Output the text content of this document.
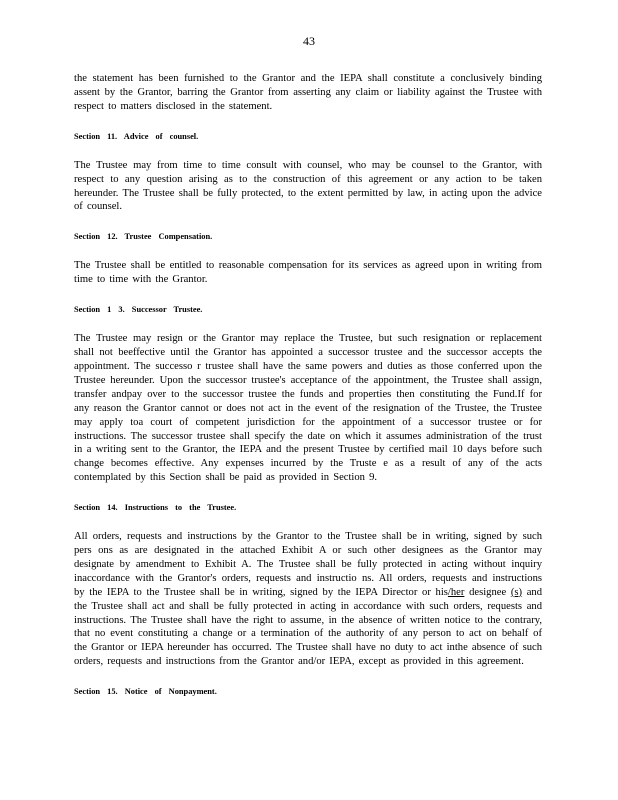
43

the statement has been furnished to the Grantor and the IEPA shall constitute a conclusively binding assent by the Grantor, barring the Grantor from asserting any claim or liability against the Trustee with respect to matters disclosed in the statement.

Section 11. Advice of counsel.

The Trustee may from time to time consult with counsel, who may be counsel to the Grantor, with respect to any question arising as to the construction of this agreement or any action to be taken hereunder. The Trustee shall be fully protected, to the extent permitted by law, in acting upon the advice of counsel.

Section 12. Trustee Compensation.

The Trustee shall be entitled to reasonable compensation for its services as agreed upon in writing from time to time with the Grantor.

Section 1 3. Successor Trustee.

The Trustee may resign or the Grantor may replace the Trustee, but such resignation or replacement shall not beeffective until the Grantor has appointed a successor trustee and the successor accepts the appointment. The successo r trustee shall have the same powers and duties as those conferred upon the Trustee hereunder. Upon the successor trustee's acceptance of the appointment, the Trustee shall assign, transfer andpay over to the successor trustee the funds and properties then constituting the Fund.If for any reason the Grantor cannot or does not act in the event of the resignation of the Trustee, the Trustee may apply toa court of competent jurisdiction for the appointment of a successor trustee or for instructions. The successor trustee shall specify the date on which it assumes administration of the trust in a writing sent to the Grantor, the IEPA and the present Trustee by certified mail 10 days before such change becomes effective. Any expenses incurred by the Truste e as a result of any of the acts contemplated by this Section shall be paid as provided in Section 9.

Section 14. Instructions to the Trustee.

All orders, requests and instructions by the Grantor to the Trustee shall be in writing, signed by such pers ons as are designated in the attached Exhibit A or such other designees as the Grantor may designate by amendment to Exhibit A. The Trustee shall be fully protected in acting without inquiry inaccordance with the Grantor's orders, requests and instructio ns. All orders, requests and instructions by the IEPA to the Trustee shall be in writing, signed by the IEPA Director or his/her designee (s) and the Trustee shall act and shall be fully protected in acting in accordance with such orders, requests and instructions. The Trustee shall have the right to assume, in the absence of written notice to the contrary, that no event constituting a change or a termination of the authority of any person to act on behalf of the Grantor or IEPA hereunder has occurred. The Trustee shall have no duty to act inthe absence of such orders, requests and instructions from the Grantor and/or IEPA, except as provided in this agreement.

Section 15. Notice of Nonpayment.
